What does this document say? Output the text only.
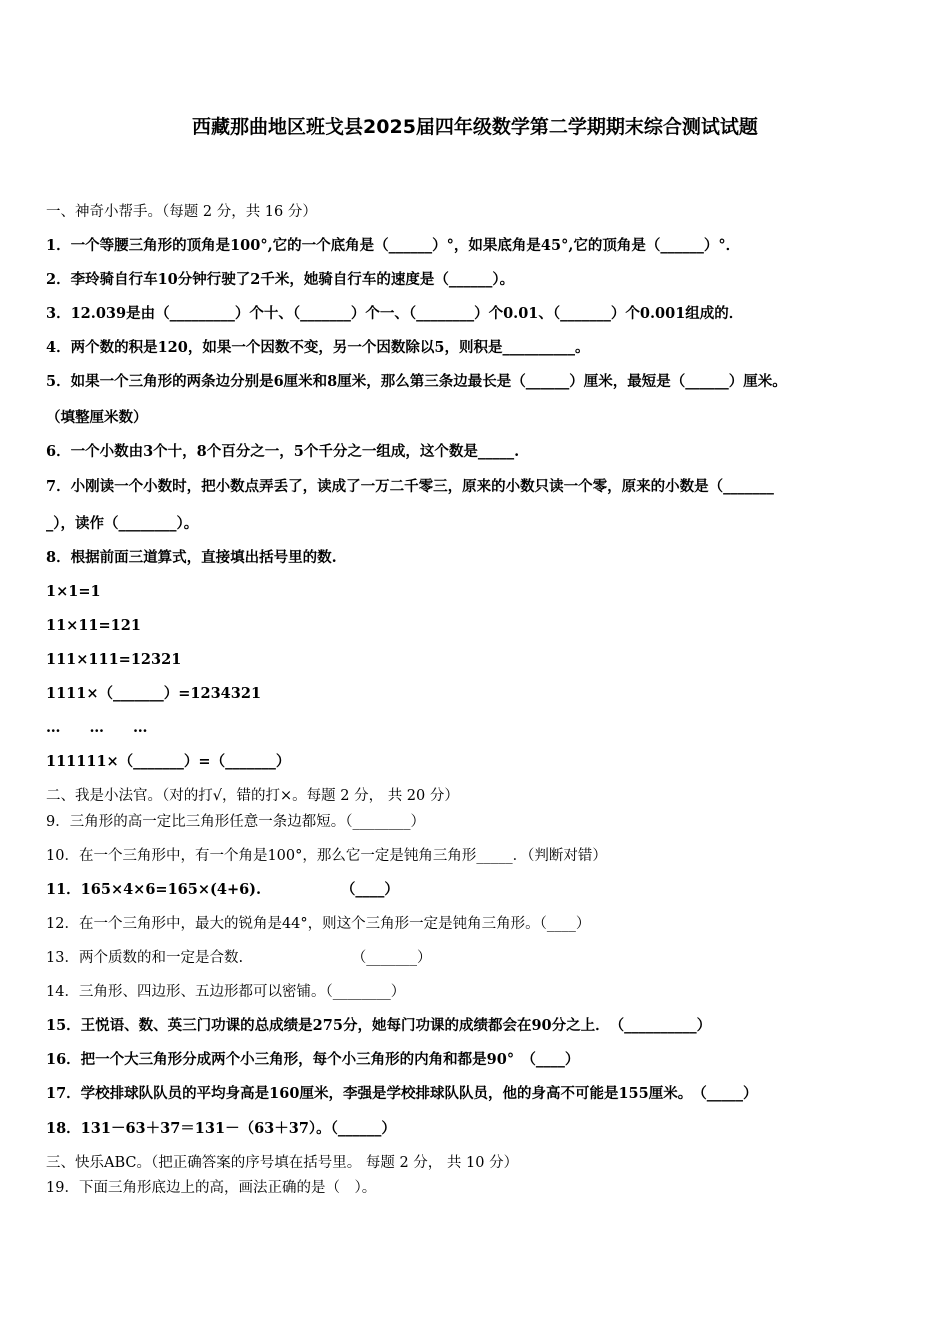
西藏那曲地区班戈县2025届四年级数学第二学期期末综合测试试题
一、神奇小帮手。（每题 2 分，共 16 分）
1．一个等腰三角形的顶角是100°,它的一个底角是（______）°，如果底角是45°,它的顶角是（______）°．
2．李玲骑自行车10分钟行驶了2千米，她骑自行车的速度是（______）。
3．12.039是由（_________）个十、（_______）个一、（________）个0.01、（_______）个0.001组成的．
4．两个数的积是120，如果一个因数不变，另一个因数除以5，则积是__________。
5．如果一个三角形的两条边分别是6厘米和8厘米，那么第三条边最长是（______）厘米，最短是（______）厘米。
（填整厘米数）
6．一个小数由3个十，8个百分之一，5个千分之一组成，这个数是_____.
7．小刚读一个小数时，把小数点弄丢了，读成了一万二千零三，原来的小数只读一个零，原来的小数是（_______
_），读作（________）。
8．根据前面三道算式，直接填出括号里的数.
1×1=1
11×11=121
111×111=12321
1111×（_______）=1234321
…　　…　　…
111111×（_______）=（_______）
二、我是小法官。（对的打√，错的打×。每题 2 分， 共 20 分）
9．三角形的高一定比三角形任意一条边都短。（________）
10．在一个三角形中，有一个角是100°，那么它一定是钝角三角形_____．（判断对错）
11．165×4×6=165×(4+6).　　　　　　（____）
12．在一个三角形中，最大的锐角是44°，则这个三角形一定是钝角三角形。（____）
13．两个质数的和一定是合数.　　　　　　　　（_______）
14．三角形、四边形、五边形都可以密铺。（________）
15．王悦语、数、英三门功课的总成绩是275分，她每门功课的成绩都会在90分之上．　（__________）
16．把一个大三角形分成两个小三角形，每个小三角形的内角和都是90°　（____）
17．学校排球队队员的平均身高是160厘米，李强是学校排球队队员，他的身高不可能是155厘米。　（_____）
18．131－63＋37＝131－（63＋37）。（______）
三、快乐ABC。（把正确答案的序号填在括号里。 每题 2 分， 共 10 分）
19．下面三角形底边上的高，画法正确的是（　）。
